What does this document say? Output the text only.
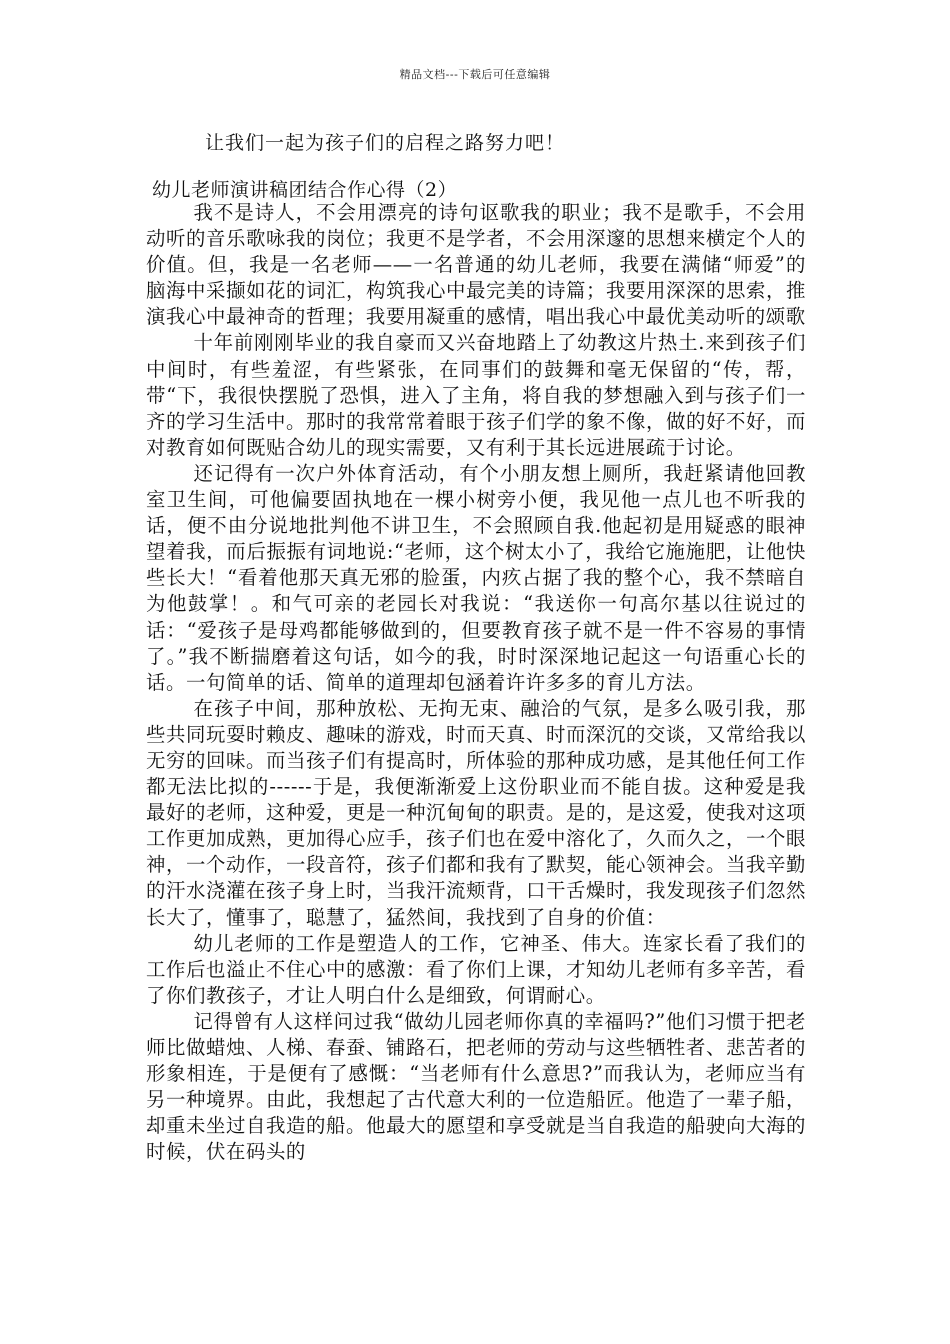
精品文档---下载后可任意编辑
让我们一起为孩子们的启程之路努力吧！
幼儿老师演讲稿团结合作心得（2）

我不是诗人，不会用漂亮的诗句讴歌我的职业；我不是歌手，不会用动听的音乐歌咏我的岗位；我更不是学者，不会用深邃的思想来横定个人的价值。但，我是一名老师——一名普通的幼儿老师，我要在满储“师爱”的脑海中采撷如花的词汇，构筑我心中最完美的诗篇；我要用深深的思索，推演我心中最神奇的哲理；我要用凝重的感情，唱出我心中最优美动听的颂歌

十年前刚刚毕业的我自豪而又兴奋地踏上了幼教这片热土.来到孩子们中间时，有些羞涩，有些紧张，在同事们的鼓舞和毫无保留的“传，帮，带“下，我很快摆脱了恐惧，进入了主角，将自我的梦想融入到与孩子们一齐的学习生活中。那时的我常常着眼于孩子们学的象不像，做的好不好，而对教育如何既贴合幼儿的现实需要，又有利于其长远进展疏于讨论。

还记得有一次户外体育活动，有个小朋友想上厕所，我赶紧请他回教室卫生间，可他偏要固执地在一棵小树旁小便，我见他一点儿也不听我的话，便不由分说地批判他不讲卫生，不会照顾自我.他起初是用疑惑的眼神望着我，而后振振有词地说:“老师，这个树太小了，我给它施施肥，让他快些长大！“看着他那天真无邪的脸蛋，内疚占据了我的整个心，我不禁暗自为他鼓掌！。和气可亲的老园长对我说：“我送你一句高尔基以往说过的话：“爱孩子是母鸡都能够做到的，但要教育孩子就不是一件不容易的事情了。”我不断揣磨着这句话，如今的我，时时深深地记起这一句语重心长的话。一句简单的话、简单的道理却包涵着许许多多的育儿方法。

在孩子中间，那种放松、无拘无束、融洽的气氛，是多么吸引我，那些共同玩耍时赖皮、趣味的游戏，时而天真、时而深沉的交谈，又常给我以无穷的回味。而当孩子们有提高时，所体验的那种成功感，是其他任何工作都无法比拟的------于是，我便渐渐爱上这份职业而不能自拔。这种爱是我最好的老师，这种爱，更是一种沉甸甸的职责。是的，是这爱，使我对这项工作更加成熟，更加得心应手，孩子们也在爱中溶化了，久而久之，一个眼神，一个动作，一段音符，孩子们都和我有了默契，能心领神会。当我辛勤的汗水浇灌在孩子身上时，当我汗流颊背，口干舌燥时，我发现孩子们忽然长大了，懂事了，聪慧了，猛然间，我找到了自身的价值：

幼儿老师的工作是塑造人的工作，它神圣、伟大。连家长看了我们的工作后也溢止不住心中的感激：看了你们上课，才知幼儿老师有多辛苦，看了你们教孩子，才让人明白什么是细致，何谓耐心。

记得曾有人这样问过我“做幼儿园老师你真的幸福吗?”他们习惯于把老师比做蜡烛、人梯、春蚕、铺路石，把老师的劳动与这些牺牲者、悲苦者的形象相连，于是便有了感慨：“当老师有什么意思?”而我认为，老师应当有另一种境界。由此，我想起了古代意大利的一位造船匠。他造了一辈子船，却重未坐过自我造的船。他最大的愿望和享受就是当自我造的船驶向大海的时候，伏在码头的
